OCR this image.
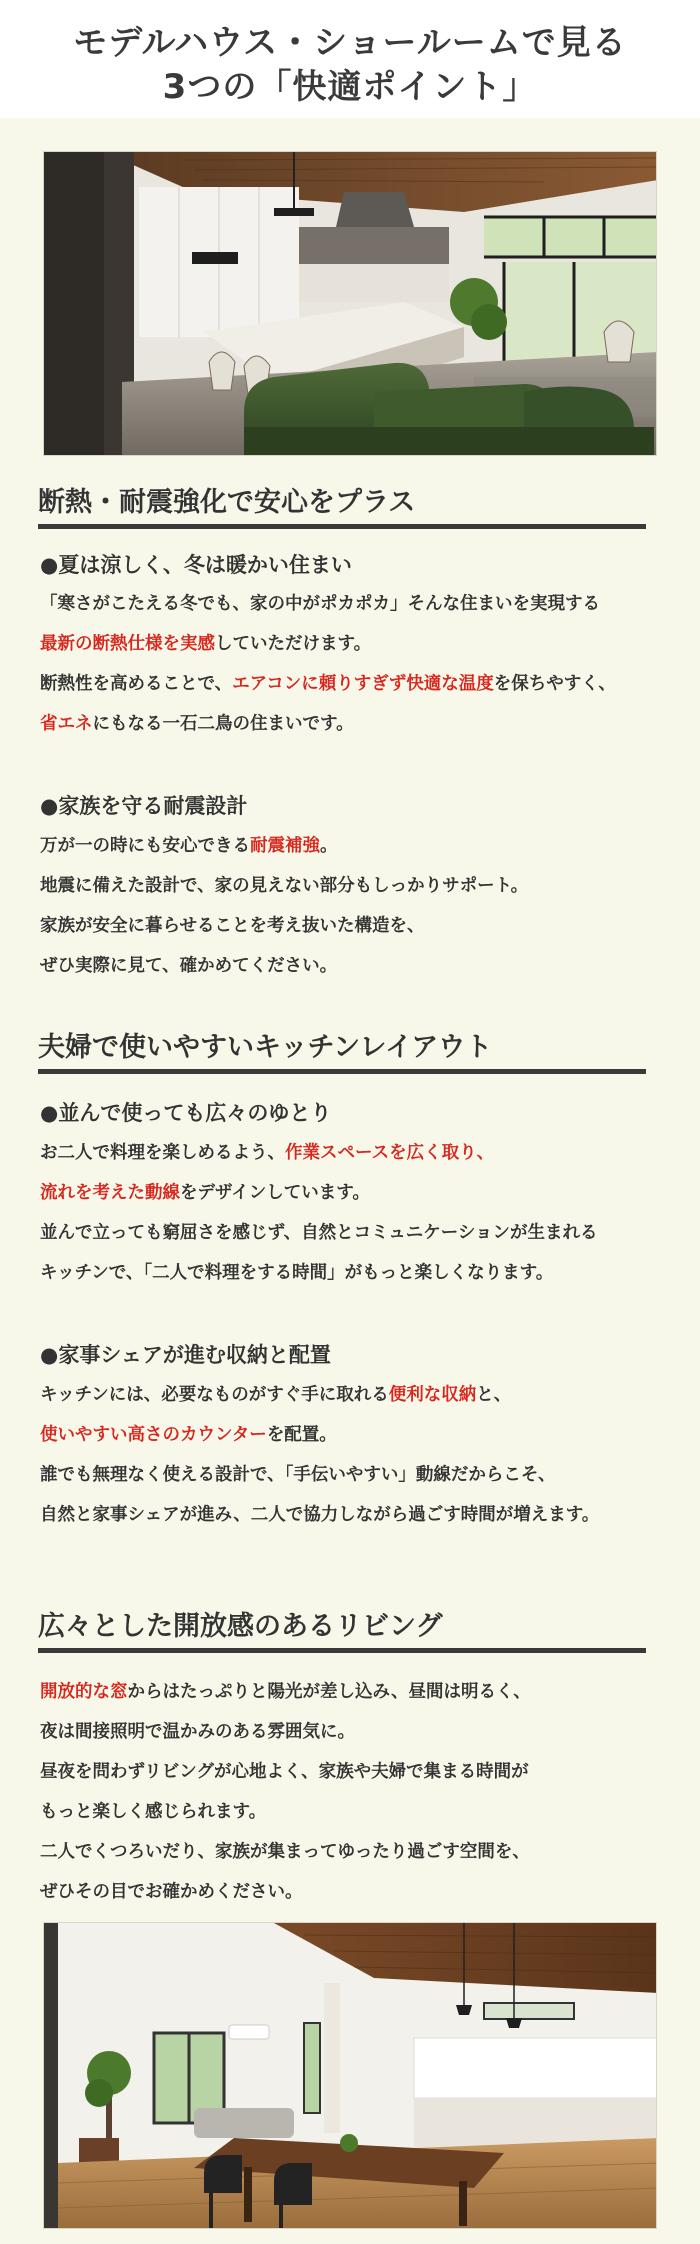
モデルハウス・ショールームで見る
3つの「快適ポイント」
断熱・耐震強化で安心をプラス
●夏は涼しく、冬は暖かい住まい
「寒さがこたえる冬でも、家の中がポカポカ」そんな住まいを実現する
最新の断熱仕様を実感していただけます。
断熱性を高めることで、エアコンに頼りすぎず快適な温度を保ちやすく、
省エネにもなる一石二鳥の住まいです。
●家族を守る耐震設計
万が一の時にも安心できる耐震補強。
地震に備えた設計で、家の見えない部分もしっかりサポート。
家族が安全に暮らせることを考え抜いた構造を、
ぜひ実際に見て、確かめてください。
夫婦で使いやすいキッチンレイアウト
●並んで使っても広々のゆとり
お二人で料理を楽しめるよう、作業スペースを広く取り、
流れを考えた動線をデザインしています。
並んで立っても窮屈さを感じず、自然とコミュニケーションが生まれる
キッチンで、「二人で料理をする時間」がもっと楽しくなります。
●家事シェアが進む収納と配置
キッチンには、必要なものがすぐ手に取れる便利な収納と、
使いやすい高さのカウンターを配置。
誰でも無理なく使える設計で、「手伝いやすい」動線だからこそ、
自然と家事シェアが進み、二人で協力しながら過ごす時間が増えます。
広々とした開放感のあるリビング
開放的な窓からはたっぷりと陽光が差し込み、昼間は明るく、
夜は間接照明で温かみのある雰囲気に。
昼夜を問わずリビングが心地よく、家族や夫婦で集まる時間が
もっと楽しく感じられます。
二人でくつろいだり、家族が集まってゆったり過ごす空間を、
ぜひその目でお確かめください。
